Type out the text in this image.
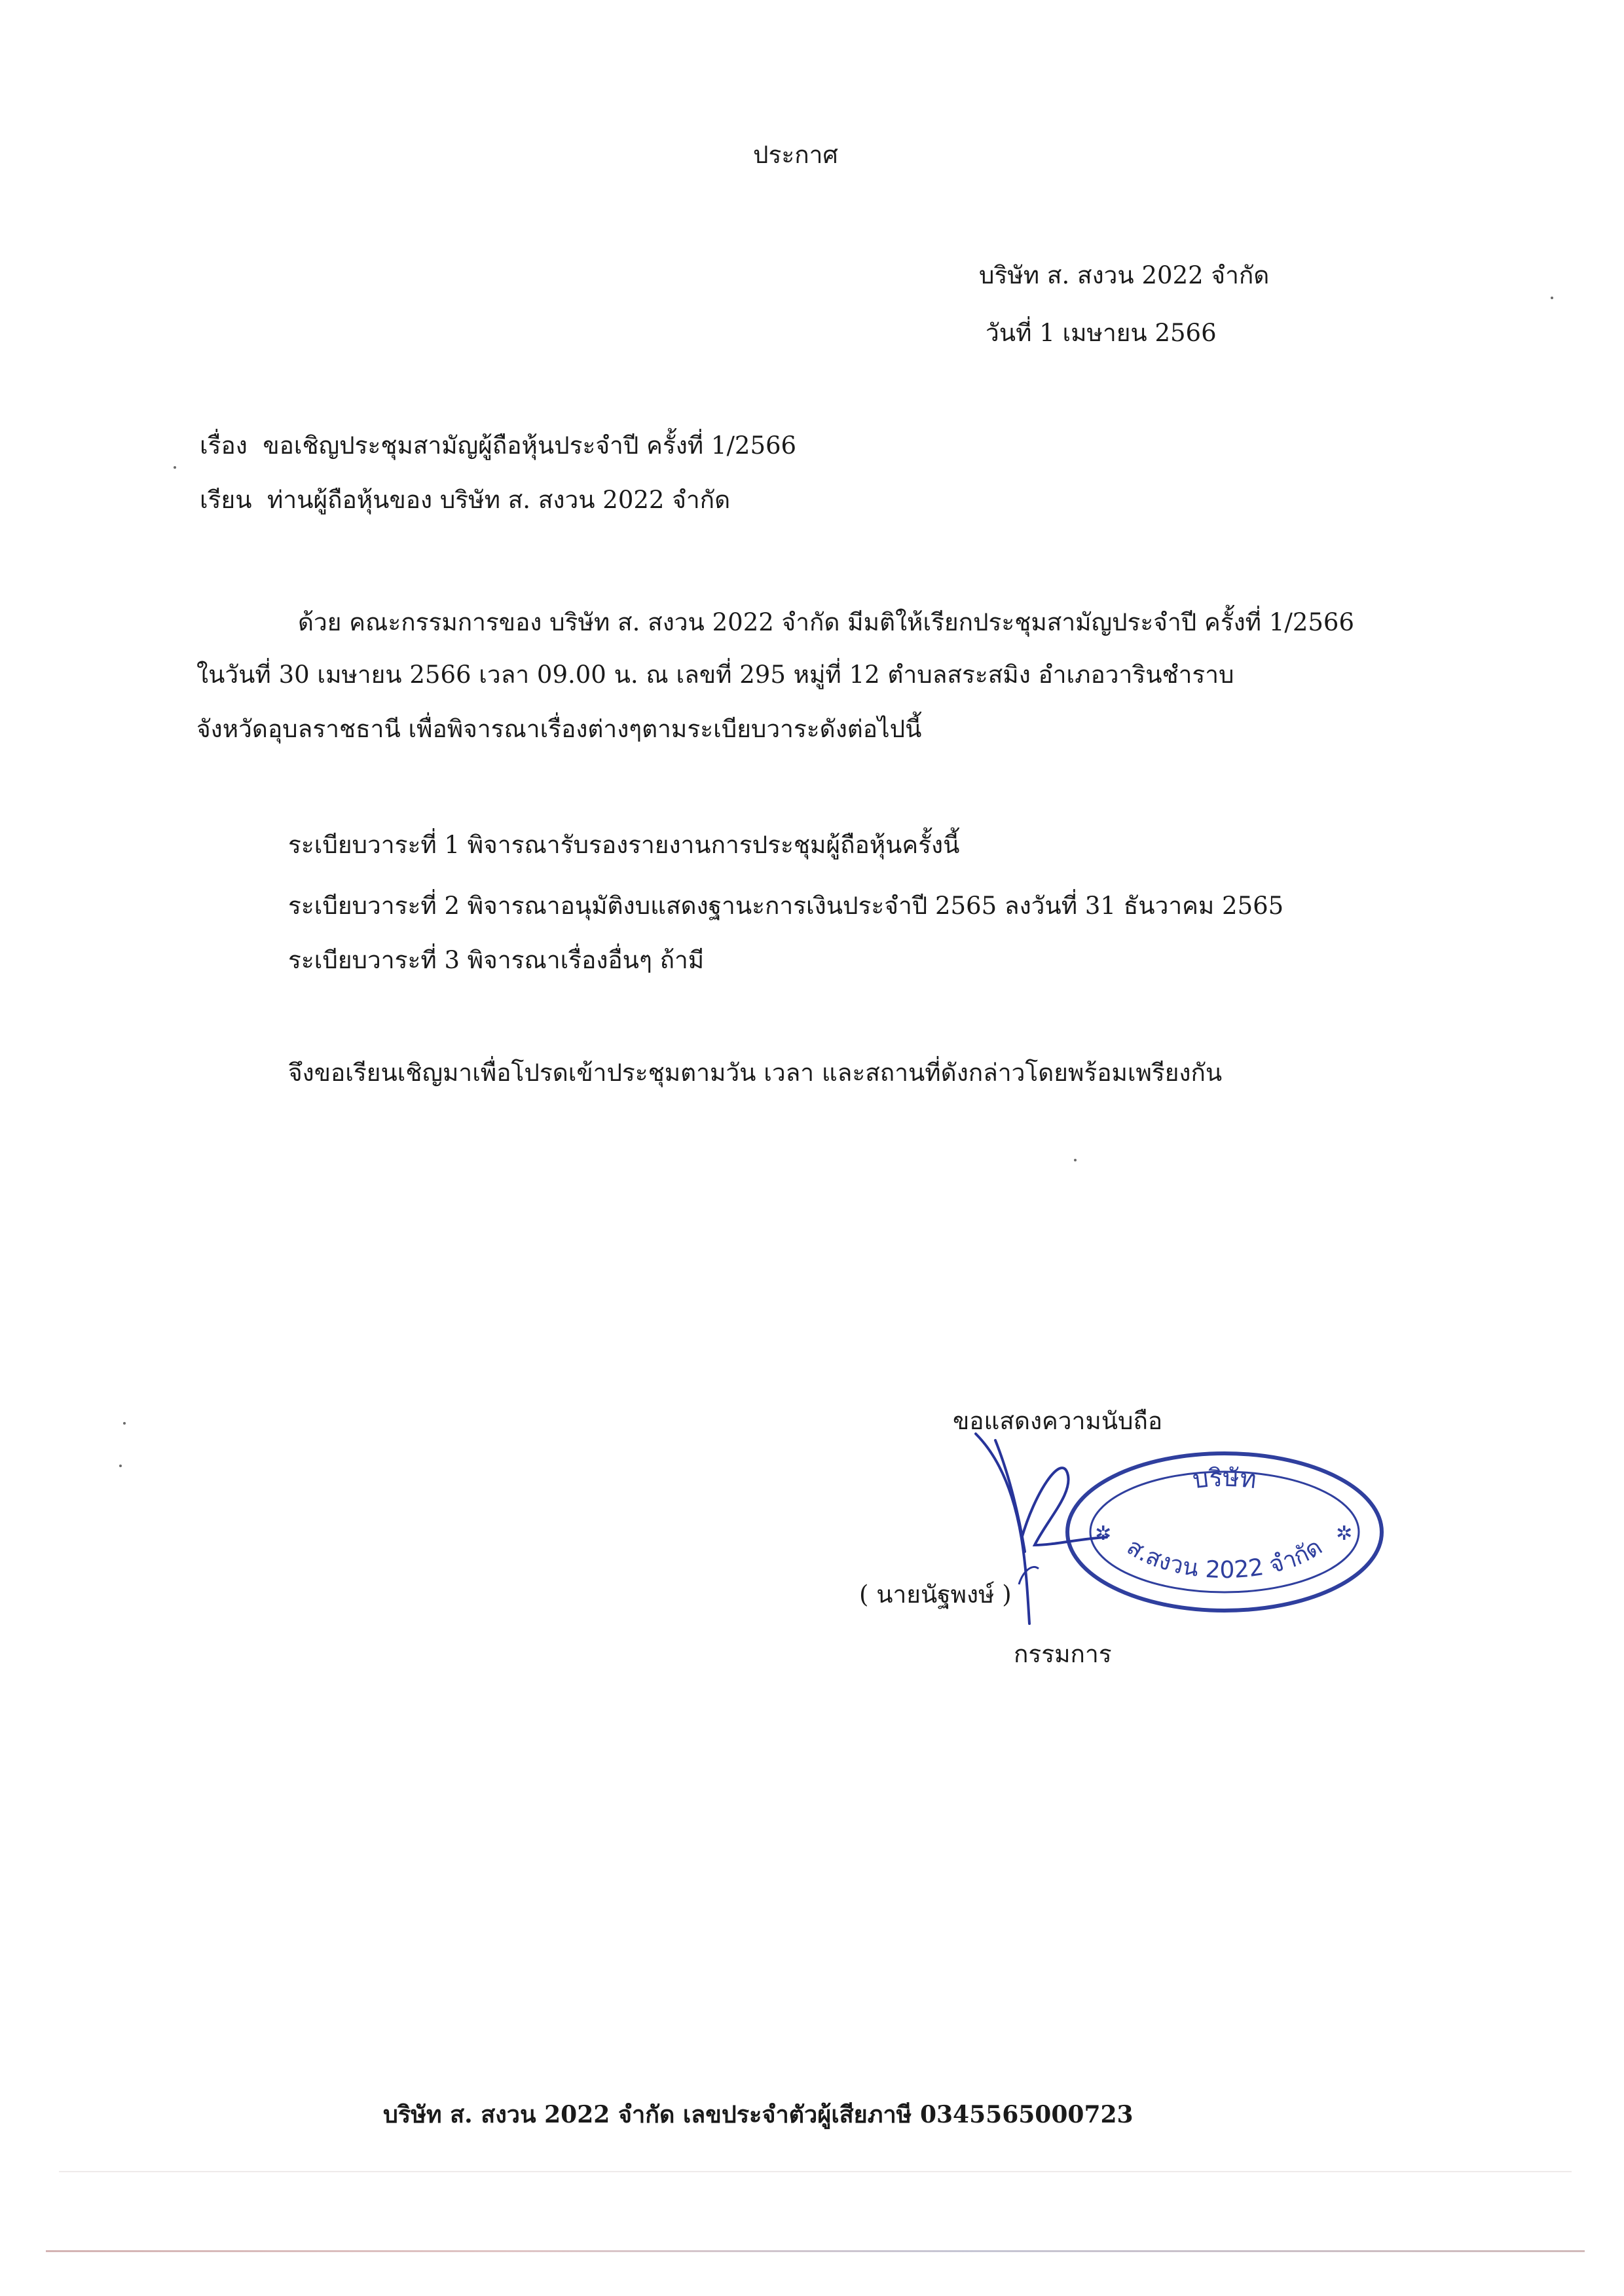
ประกาศ
บริษัท ส. สงวน 2022 จำกัด
วันที่ 1 เมษายน 2566
เรื่อง ขอเชิญประชุมสามัญผู้ถือหุ้นประจำปี ครั้งที่ 1/2566
เรียน ท่านผู้ถือหุ้นของ บริษัท ส. สงวน 2022 จำกัด
ด้วย คณะกรรมการของ บริษัท ส. สงวน 2022 จำกัด มีมติให้เรียกประชุมสามัญประจำปี ครั้งที่ 1/2566
ในวันที่ 30 เมษายน 2566 เวลา 09.00 น. ณ เลขที่ 295 หมู่ที่ 12 ตำบลสระสมิง อำเภอวารินชำราบ
จังหวัดอุบลราชธานี เพื่อพิจารณาเรื่องต่างๆตามระเบียบวาระดังต่อไปนี้
ระเบียบวาระที่ 1 พิจารณารับรองรายงานการประชุมผู้ถือหุ้นครั้งนี้
ระเบียบวาระที่ 2 พิจารณาอนุมัติงบแสดงฐานะการเงินประจำปี 2565 ลงวันที่ 31 ธันวาคม 2565
ระเบียบวาระที่ 3 พิจารณาเรื่องอื่นๆ ถ้ามี
จึงขอเรียนเชิญมาเพื่อโปรดเข้าประชุมตามวัน เวลา และสถานที่ดังกล่าวโดยพร้อมเพรียงกัน
ขอแสดงความนับถือ
( นายนัฐพงษ์ )
กรรมการ
บริษัท
ส.สงวน 2022 จำกัด
✲	✲
บริษัท ส. สงวน 2022 จำกัด เลขประจำตัวผู้เสียภาษี 0345565000723
